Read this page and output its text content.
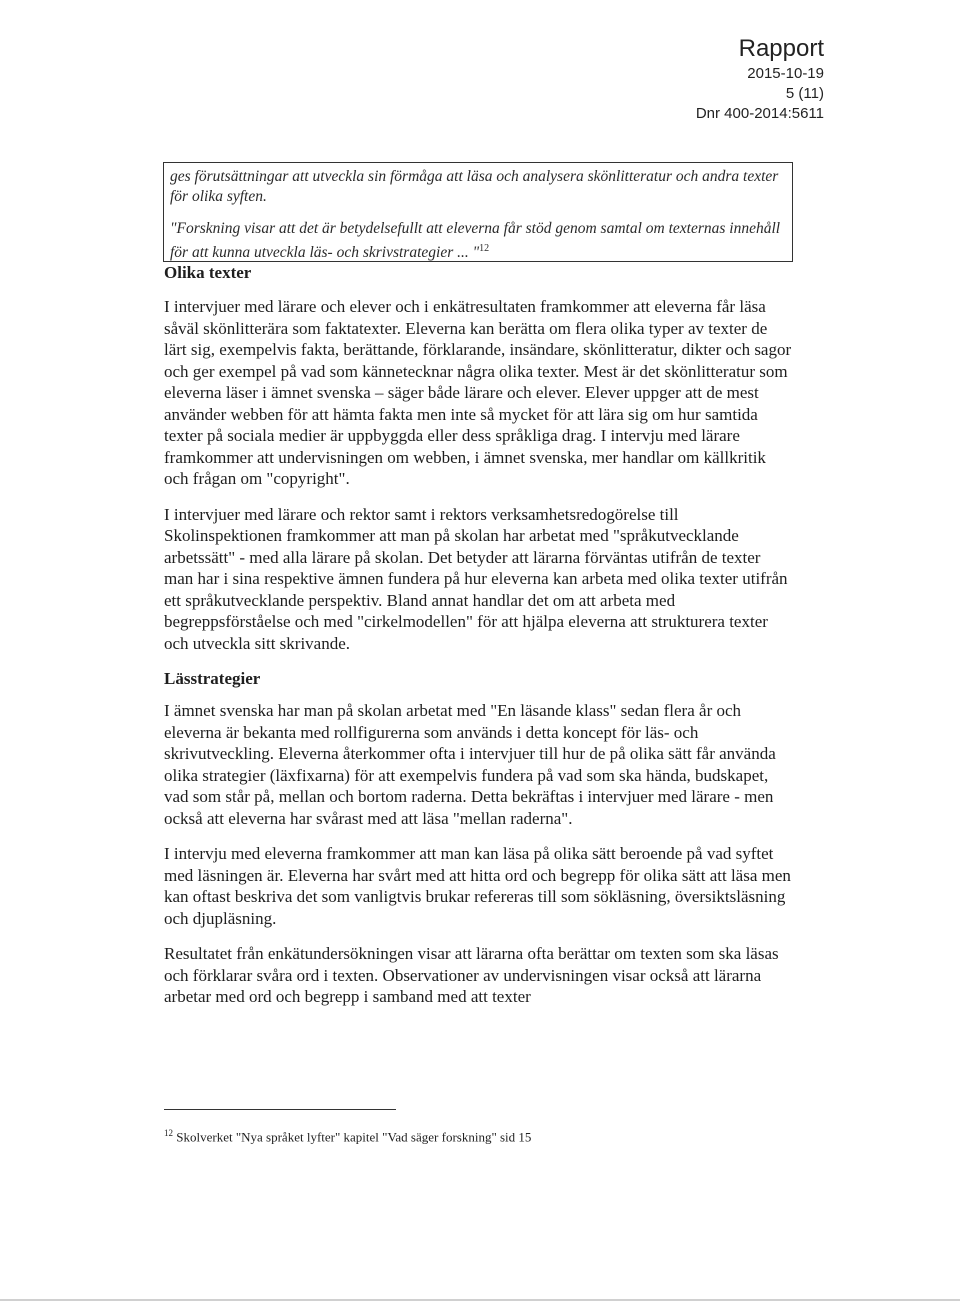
Rapport
2015-10-19
5 (11)
Dnr 400-2014:5611

ges förutsättningar att utveckla sin förmåga att läsa och analysera skönlitteratur och andra texter för olika syften.

"Forskning visar att det är betydelsefullt att eleverna får stöd genom samtal om texternas innehåll för att kunna utveckla läs- och skrivstrategier ... "$^{12}$

Olika texter

I intervjuer med lärare och elever och i enkätresultaten framkommer att eleverna får läsa såväl skönlitterära som faktatexter. Eleverna kan berätta om flera olika typer av texter de lärt sig, exempelvis fakta, berättande, förklarande, insändare, skönlitteratur, dikter och sagor och ger exempel på vad som kännetecknar några olika texter. Mest är det skönlitteratur som eleverna läser i ämnet svenska – säger både lärare och elever. Elever uppger att de mest använder webben för att hämta fakta men inte så mycket för att lära sig om hur samtida texter på sociala medier är uppbyggda eller dess språkliga drag. I intervju med lärare framkommer att undervisningen om webben, i ämnet svenska, mer handlar om källkritik och frågan om "copyright".

I intervjuer med lärare och rektor samt i rektors verksamhetsredogörelse till Skolinspektionen framkommer att man på skolan har arbetat med "språkutvecklande arbetssätt" - med alla lärare på skolan. Det betyder att lärarna förväntas utifrån de texter man har i sina respektive ämnen fundera på hur eleverna kan arbeta med olika texter utifrån ett språkutvecklande perspektiv. Bland annat handlar det om att arbeta med begreppsförståelse och med "cirkelmodellen" för att hjälpa eleverna att strukturera texter och utveckla sitt skrivande.

Lässtrategier

I ämnet svenska har man på skolan arbetat med "En läsande klass" sedan flera år och eleverna är bekanta med rollfigurerna som används i detta koncept för läs- och skrivutveckling. Eleverna återkommer ofta i intervjuer till hur de på olika sätt får använda olika strategier (läxfixarna) för att exempelvis fundera på vad som ska hända, budskapet, vad som står på, mellan och bortom raderna. Detta bekräftas i intervjuer med lärare - men också att eleverna har svårast med att läsa "mellan raderna".

I intervju med eleverna framkommer att man kan läsa på olika sätt beroende på vad syftet med läsningen är. Eleverna har svårt med att hitta ord och begrepp för olika sätt att läsa men kan oftast beskriva det som vanligtvis brukar refereras till som sökläsning, översiktsläsning och djupläsning.

Resultatet från enkätundersökningen visar att lärarna ofta berättar om texten som ska läsas och förklarar svåra ord i texten. Observationer av undervisningen visar också att lärarna arbetar med ord och begrepp i samband med att texter

$^{12}$ Skolverket "Nya språket lyfter" kapitel "Vad säger forskning" sid 15
